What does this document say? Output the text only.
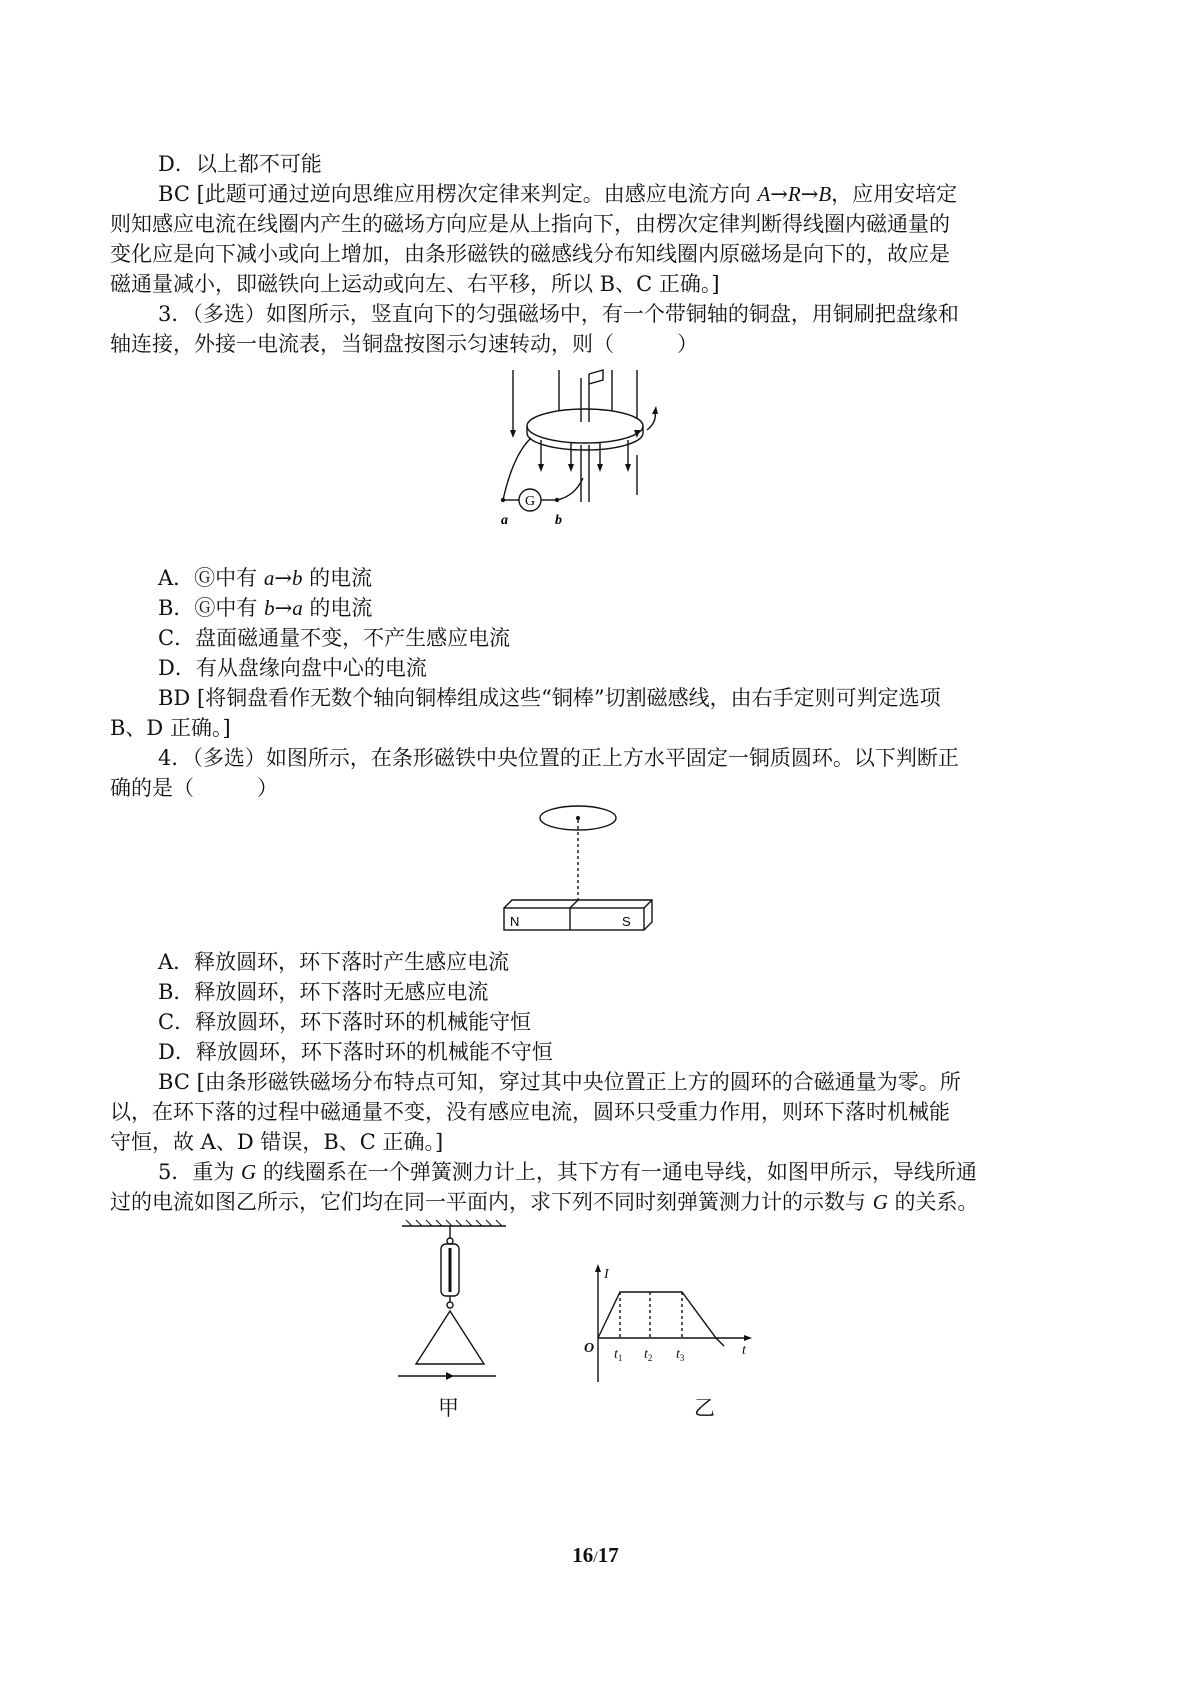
D．以上都不可能
BC [此题可通过逆向思维应用楞次定律来判定。由感应电流方向 A→R→B，应用安培定
则知感应电流在线圈内产生的磁场方向应是从上指向下，由楞次定律判断得线圈内磁通量的
变化应是向下减小或向上增加，由条形磁铁的磁感线分布知线圈内原磁场是向下的，故应是
磁通量减小，即磁铁向上运动或向左、右平移，所以 B、C 正确。]
3．（多选）如图所示，竖直向下的匀强磁场中，有一个带铜轴的铜盘，用铜刷把盘缘和
轴连接，外接一电流表，当铜盘按图示匀速转动，则（　　　）
G
a	b
A．Ⓖ中有 a→b 的电流
B．Ⓖ中有 b→a 的电流
C．盘面磁通量不变，不产生感应电流
D．有从盘缘向盘中心的电流
BD [将铜盘看作无数个轴向铜棒组成这些“铜棒”切割磁感线，由右手定则可判定选项
B、D 正确。]
4．（多选）如图所示，在条形磁铁中央位置的正上方水平固定一铜质圆环。以下判断正
确的是（　　　）
N	S
A．释放圆环，环下落时产生感应电流
B．释放圆环，环下落时无感应电流
C．释放圆环，环下落时环的机械能守恒
D．释放圆环，环下落时环的机械能不守恒
BC [由条形磁铁磁场分布特点可知，穿过其中央位置正上方的圆环的合磁通量为零。所
以，在环下落的过程中磁通量不变，没有感应电流，圆环只受重力作用，则环下落时机械能
守恒，故 A、D 错误，B、C 正确。]
5．重为 G 的线圈系在一个弹簧测力计上，其下方有一通电导线，如图甲所示，导线所通
过的电流如图乙所示，它们均在同一平面内，求下列不同时刻弹簧测力计的示数与 G 的关系。
甲
I
t
O $t_1$ $t_2$ $t_3$
乙
16/17
